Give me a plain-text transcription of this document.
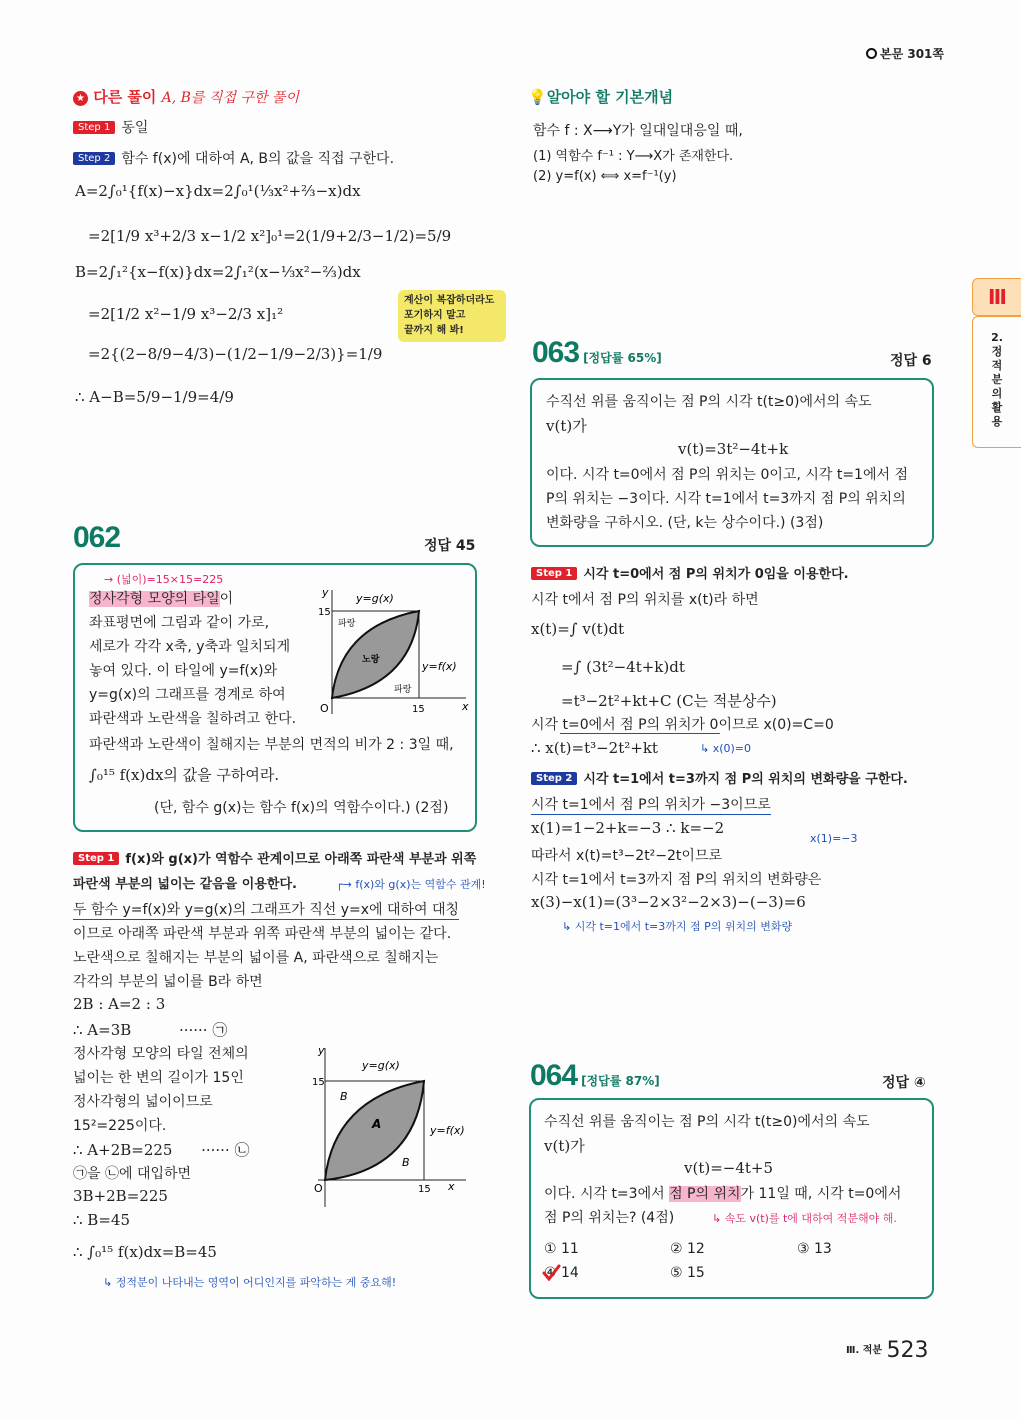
본문 301쪽
★ 다른 풀이 A, B를 직접 구한 풀이
Step 1 동일
Step 2 함수 f(x)에 대하여 A, B의 값을 직접 구한다.
A=2∫₀¹{f(x)−x}dx=2∫₀¹(⅓x²+⅔−x)dx
=2[1/9 x³+2/3 x−1/2 x²]₀¹=2(1/9+2/3−1/2)=5/9
B=2∫₁²{x−f(x)}dx=2∫₁²(x−⅓x²−⅔)dx
=2[1/2 x²−1/9 x³−2/3 x]₁²
=2{(2−8/9−4/3)−(1/2−1/9−2/3)}=1/9
∴ A−B=5/9−1/9=4/9
계산이 복잡하더라도
포기하지 말고
끝까지 해 봐!
💡알아야 할 기본개념
함수 f : X⟶Y가 일대일대응일 때,
(1) 역함수 f⁻¹ : Y⟶X가 존재한다.
(2) y=f(x) ⟺ x=f⁻¹(y)
Ⅲ
2.
정
적
분
의
활
용
063 [정답률 65%]	정답 6
수직선 위를 움직이는 점 P의 시각 t(t≥0)에서의 속도
v(t)가
v(t)=3t²−4t+k
이다. 시각 t=0에서 점 P의 위치는 0이고, 시각 t=1에서 점
P의 위치는 −3이다. 시각 t=1에서 t=3까지 점 P의 위치의
변화량을 구하시오. (단, k는 상수이다.) (3점)
Step 1 시각 t=0에서 점 P의 위치가 0임을 이용한다.
시각 t에서 점 P의 위치를 x(t)라 하면
x(t)=∫ v(t)dt
=∫ (3t²−4t+k)dt
=t³−2t²+kt+C (C는 적분상수)
시각 t=0에서 점 P의 위치가 0이므로 x(0)=C=0
∴ x(t)=t³−2t²+kt	↳ x(0)=0
Step 2 시각 t=1에서 t=3까지 점 P의 위치의 변화량을 구한다.
시각 t=1에서 점 P의 위치가 −3이므로
x(1)=1−2+k=−3 ∴ k=−2
x(1)=−3
따라서 x(t)=t³−2t²−2t이므로
시각 t=1에서 t=3까지 점 P의 위치의 변화량은
x(3)−x(1)=(3³−2×3²−2×3)−(−3)=6
↳ 시각 t=1에서 t=3까지 점 P의 위치의 변화량
064 [정답률 87%]	정답 ④
수직선 위를 움직이는 점 P의 시각 t(t≥0)에서의 속도
v(t)가
v(t)=−4t+5
이다. 시각 t=3에서 점 P의 위치가 11일 때, 시각 t=0에서
점 P의 위치는? (4점)	↳ 속도 v(t)를 t에 대하여 적분해야 해.
① 11	② 12	③ 13
④ 14	⑤ 15
062	정답 45
→ (넓이)=15×15=225
정사각형 모양의 타일이
좌표평면에 그림과 같이 가로,
세로가 각각 x축, y축과 일치되게
놓여 있다. 이 타일에 y=f(x)와
y=g(x)의 그래프를 경계로 하여
파란색과 노란색을 칠하려고 한다.
파란색과 노란색이 칠해지는 부분의 면적의 비가 2 : 3일 때,
∫₀¹⁵ f(x)dx의 값을 구하여라.
(단, 함수 g(x)는 함수 f(x)의 역함수이다.) (2점)
y
x
O
15
15
y=g(x)
y=f(x)
파랑
노랑
파랑
Step 1 f(x)와 g(x)가 역함수 관계이므로 아래쪽 파란색 부분과 위쪽
파란색 부분의 넓이는 같음을 이용한다.	┌→ f(x)와 g(x)는 역함수 관계!
두 함수 y=f(x)와 y=g(x)의 그래프가 직선 y=x에 대하여 대칭
이므로 아래쪽 파란색 부분과 위쪽 파란색 부분의 넓이는 같다.
노란색으로 칠해지는 부분의 넓이를 A, 파란색으로 칠해지는
각각의 부분의 넓이를 B라 하면
2B : A=2 : 3
∴ A=3B          ······ ㉠
정사각형 모양의 타일 전체의
넓이는 한 변의 길이가 15인
정사각형의 넓이이므로
15²=225이다.
∴ A+2B=225      ······ ㉡
㉠을 ㉡에 대입하면
3B+2B=225
∴ B=45
∴ ∫₀¹⁵ f(x)dx=B=45
↳ 정적분이 나타내는 영역이 어디인지를 파악하는 게 중요해!
y
x
O
15
15
y=g(x)
y=f(x)
B
A
B
$^{Ⅲ. 적분}$ 523
